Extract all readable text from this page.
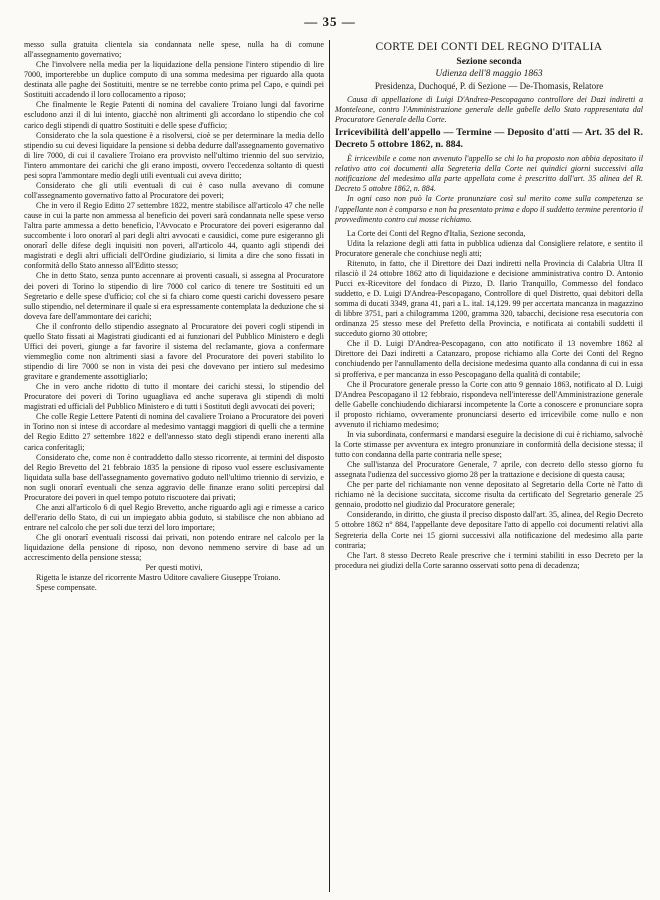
— 35 —

messo sulla gratuita clientela sia condannata nelle spese, nulla ha di comune all'assegnamento governativo;

Che l'involvere nella media per la liquidazione della pensione l'intero stipendio di lire 7000, importerebbe un duplice computo di una somma medesima per riguardo alla quota destinata alle paghe dei Sostituiti, mentre se ne terrebbe conto prima pel Capo, e quindi pei Sostituiti accadendo il loro collocamento a riposo;

Che finalmente le Regie Patenti di nomina del cavaliere Troiano lungi dal favorirne escludono anzi il di lui intento, giacchè non altrimenti gli accordano lo stipendio che col carico degli stipendi di quattro Sostituiti e delle spese d'ufficio;

Considerato che la sola questione è a risolversi, cioè se per determinare la media dello stipendio su cui devesi liquidare la pensione si debba dedurre dall'assegnamento governativo di lire 7000, di cui il cavaliere Troiano era provvisto nell'ultimo triennio del suo servizio, l'intero ammontare dei carichi che gli erano imposti, ovvero l'eccedenza soltanto di questi pesi sopra l'ammontare medio degli utili eventuali cui aveva diritto;

Considerato che gli utili eventuali di cui è caso nulla avevano di comune coll'assegnamento governativo fatto al Procuratore dei poveri;

Che in vero il Regio Editto 27 settembre 1822, mentre stabilisce all'articolo 47 che nelle cause in cui la parte non ammessa al beneficio dei poveri sarà condannata nelle spese verso l'altra parte ammessa a detto beneficio, l'Avvocato e Procuratore dei poveri esigeranno dal succombente i loro onorarî al pari degli altri avvocati e causidici, come pure esigeranno gli onorarî delle difese degli inquisiti non poveri, all'articolo 44, quanto agli stipendi dei magistrati e degli altri ufficiali dell'Ordine giudiziario, si limita a dire che sono fissati in conformità dello Stato annesso all'Editto stesso;

Che in detto Stato, senza punto accennare ai proventi casuali, si assegna al Procuratore dei poveri di Torino lo stipendio di lire 7000 col carico di tenere tre Sostituiti ed un Segretario e delle spese d'ufficio; col che si fa chiaro come questi carichi dovessero pesare sullo stipendio, nel determinare il quale si era espressamente contemplata la deduzione che si doveva fare dell'ammontare dei carichi;

Che il confronto dello stipendio assegnato al Procuratore dei poveri cogli stipendi in quello Stato fissati ai Magistrati giudicanti ed ai funzionari del Pubblico Ministero e degli Uffici dei poveri, giunge a far favorire il sistema del reclamante, giova a confermare viemmeglio come non altrimenti siasi a favore del Procuratore dei poveri stabilito lo stipendio di lire 7000 se non in vista dei pesi che dovevano per intiero sul medesimo gravitare e grandemente assottigliarlo;

Che in vero anche ridotto di tutto il montare dei carichi stessi, lo stipendio del Procuratore dei poveri di Torino uguagliava ed anche superava gli stipendi di molti magistrati ed ufficiali del Pubblico Ministero e di tutti i Sostituti degli avvocati dei poveri;

Che colle Regie Lettere Patenti di nomina del cavaliere Troiano a Procuratore dei poveri in Torino non si intese di accordare al medesimo vantaggi maggiori di quelli che a termine del Regio Editto 27 settembre 1822 e dell'annesso stato degli stipendi erano inerenti alla carica conferitagli;

Considerato che, come non è contraddetto dallo stesso ricorrente, ai termini del disposto del Regio Brevetto del 21 febbraio 1835 la pensione di riposo vuol essere esclusivamente liquidata sulla base dell'assegnamento governativo goduto nell'ultimo triennio di servizio, e non sugli onorarî eventuali che senza aggravio delle finanze erano soliti percepirsi dal Procuratore dei poveri in quel tempo potuto riscuotere dai privati;

Che anzi all'articolo 6 di quel Regio Brevetto, anche riguardo agli agi e rimesse a carico dell'erario dello Stato, di cui un impiegato abbia goduto, si stabilisce che non abbiano ad entrare nel calcolo che per soli due terzi del loro importare;

Che gli onorarî eventuali riscossi dai privati, non potendo entrare nel calcolo per la liquidazione della pensione di riposo, non devono nemmeno servire di base ad un accrescimento della pensione stessa;

Per questi motivi,

Rigetta le istanze del ricorrente Mastro Uditore cavaliere Giuseppe Troiano.

Spese compensate.

CORTE DEI CONTI DEL REGNO D'ITALIA
Sezione seconda
Udienza dell'8 maggio 1863
Presidenza, Duchoqué, P. di Sezione — De-Thomasis, Relatore

Causa di appellazione di Luigi D'Andrea-Pescopagano controllore dei Dazi indiretti a Monteleone, contro l'Amministrazione generale delle gabelle dello Stato rappresentata dal Procuratore Generale della Corte.

Irricevibilità dell'appello — Termine — Deposito d'atti — Art. 35 del R. Decreto 5 ottobre 1862, n. 884.

È irricevibile e come non avvenuto l'appello se chi lo ha proposto non abbia depositato il relativo atto coi documenti alla Segreteria della Corte nei quindici giorni successivi alla notificazione del medesimo alla parte appellata come è prescritto dall'art. 35 alinea del R. Decreto 5 ottobre 1862, n. 884.

In ogni caso non può la Corte pronunziare così sul merito come sulla competenza se l'appellante non è comparso e non ha presentato prima e dopo il suddetto termine perentorio il provvedimento contro cui mosse richiamo.

La Corte dei Conti del Regno d'Italia, Sezione seconda,

Udita la relazione degli atti fatta in pubblica udienza dal Consigliere relatore, e sentito il Procuratore generale che conchiuse negli atti;

Ritenuto, in fatto, che il Direttore dei Dazi indiretti nella Provincia di Calabria Ultra II rilasciò il 24 ottobre 1862 atto di liquidazione e decisione amministrativa contro D. Antonio Pucci ex-Ricevitore del fondaco di Pizzo, D. Ilario Tranquillo, Commesso del fondaco suddetto, e D. Luigi D'Andrea-Pescopagano, Controllore di quel Distretto, quai debitori della somma di ducati 3349, grana 41, pari a L. ital. 14,129. 99 per accertata mancanza in magazzino di libbre 3751, pari a chilogramma 1200, gramma 320, tabacchi, decisione resa esecutoria con ordinanza 25 stesso mese del Prefetto della Provincia, e notificata ai contabili suddetti il succeduto giorno 30 ottobre;

Che il D. Luigi D'Andrea-Pescopagano, con atto notificato il 13 novembre 1862 al Direttore dei Dazi indiretti a Catanzaro, propose richiamo alla Corte dei Conti del Regno conchiudendo per l'annullamento della decisione medesima quanto alla condanna di cui in essa si profferiva, e per mancanza in esso Pescopagano della qualità di contabile;

Che il Procuratore generale presso la Corte con atto 9 gennaio 1863, notificato al D. Luigi D'Andrea Pescopagano il 12 febbraio, rispondeva nell'interesse dell'Amministrazione generale delle Gabelle conchiudendo dichiararsi incompetente la Corte a conoscere e pronunciare sopra il proposto richiamo, ovveramente pronunciarsi deserto ed irricevibile come nullo e non avvenuto il richiamo medesimo;

In via subordinata, confermarsi e mandarsi eseguire la decisione di cui è richiamo, salvochè la Corte stimasse per avventura ex integro pronunziare in conformità della decisione stessa; il tutto con condanna della parte contraria nelle spese;

Che sull'istanza del Procuratore Generale, 7 aprile, con decreto dello stesso giorno fu assegnata l'udienza del successivo giorno 28 per la trattazione e decisione di questa causa;

Che per parte del richiamante non venne depositato al Segretario della Corte nè l'atto di richiamo nè la decisione succitata, siccome risulta da certificato del Segretario generale 25 gennaio, prodotto nel giudizio dal Procuratore generale;

Considerando, in diritto, che giusta il preciso disposto dall'art. 35, alinea, del Regio Decreto 5 ottobre 1862 n° 884, l'appellante deve depositare l'atto di appello coi documenti relativi alla Segreteria della Corte nei 15 giorni successivi alla notificazione del medesimo alla parte contraria;

Che l'art. 8 stesso Decreto Reale prescrive che i termini stabiliti in esso Decreto per la procedura nei giudizi della Corte saranno osservati sotto pena di decadenza;
